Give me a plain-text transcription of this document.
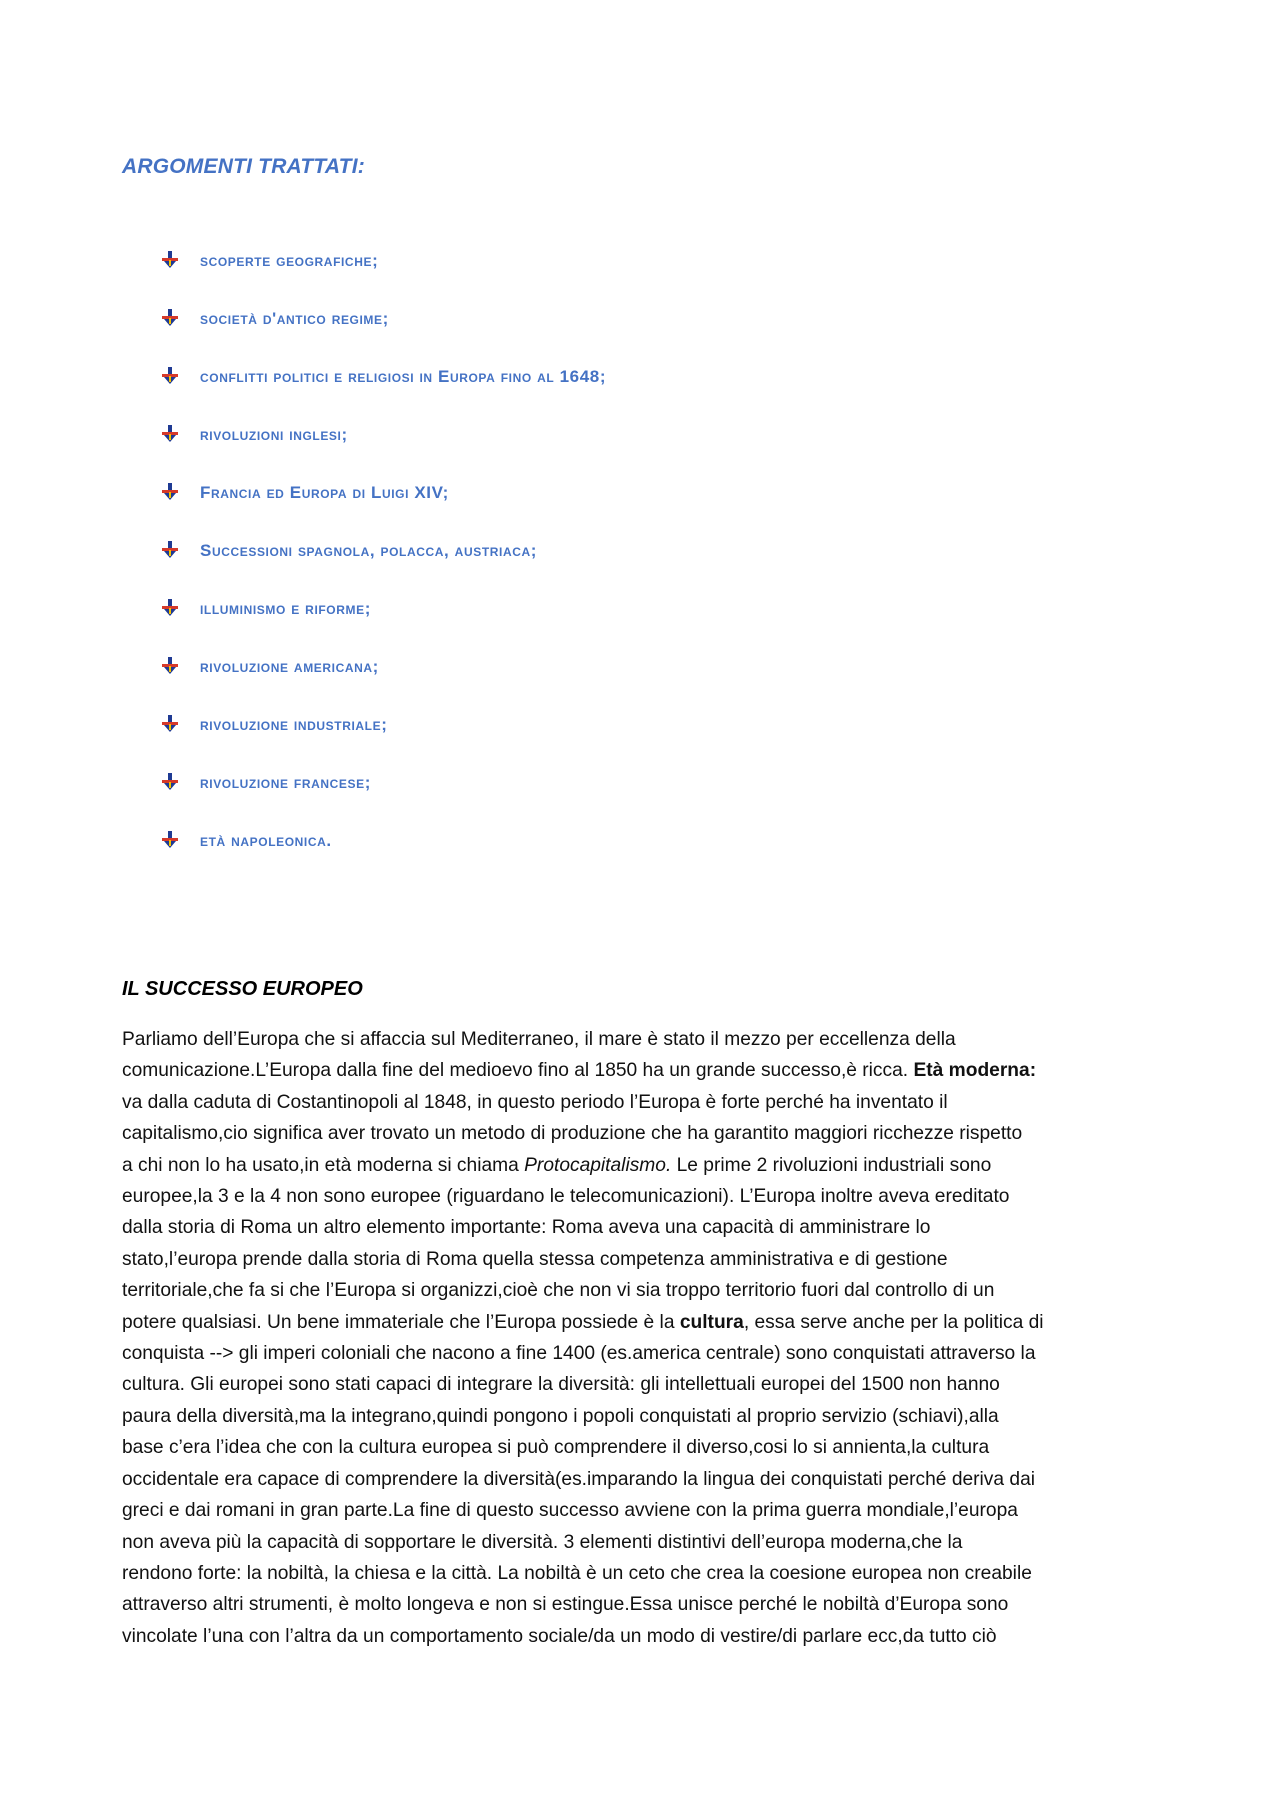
ARGOMENTI TRATTATI:
scoperte geografiche;
società d'antico regime;
conflitti politici e religiosi in Europa fino al 1648;
rivoluzioni inglesi;
Francia ed Europa di Luigi XIV;
Successioni spagnola, polacca, austriaca;
illuminismo e riforme;
rivoluzione americana;
rivoluzione industriale;
rivoluzione francese;
età napoleonica.
IL SUCCESSO EUROPEO
Parliamo dell’Europa che si affaccia sul Mediterraneo, il mare è stato il mezzo per eccellenza della
comunicazione.L’Europa dalla fine del medioevo fino al 1850 ha un grande successo,è ricca. Età moderna:
va dalla caduta di Costantinopoli al 1848, in questo periodo l’Europa è forte perché ha inventato il
capitalismo,cio significa aver trovato un metodo di produzione che ha garantito maggiori ricchezze rispetto
a chi non lo ha usato,in età moderna si chiama Protocapitalismo. Le prime 2 rivoluzioni industriali sono
europee,la 3 e la 4 non sono europee (riguardano le telecomunicazioni). L’Europa inoltre aveva ereditato
dalla storia di Roma un altro elemento importante: Roma aveva una capacità di amministrare lo
stato,l’europa prende dalla storia di Roma quella stessa competenza amministrativa e di gestione
territoriale,che fa si che l’Europa si organizzi,cioè che non vi sia troppo territorio fuori dal controllo di un
potere qualsiasi. Un bene immateriale che l’Europa possiede è la cultura, essa serve anche per la politica di
conquista --> gli imperi coloniali che nacono a fine 1400 (es.america centrale) sono conquistati attraverso la
cultura. Gli europei sono stati capaci di integrare la diversità: gli intellettuali europei del 1500 non hanno
paura della diversità,ma la integrano,quindi pongono i popoli conquistati al proprio servizio (schiavi),alla
base c’era l’idea che con la cultura europea si può comprendere il diverso,cosi lo si annienta,la cultura
occidentale era capace di comprendere la diversità(es.imparando la lingua dei conquistati perché deriva dai
greci e dai romani in gran parte.La fine di questo successo avviene con la prima guerra mondiale,l’europa
non aveva più la capacità di sopportare le diversità. 3 elementi distintivi dell’europa moderna,che la
rendono forte: la nobiltà, la chiesa e la città. La nobiltà è un ceto che crea la coesione europea non creabile
attraverso altri strumenti, è molto longeva e non si estingue.Essa unisce perché le nobiltà d’Europa sono
vincolate l’una con l’altra da un comportamento sociale/da un modo di vestire/di parlare ecc,da tutto ciò
